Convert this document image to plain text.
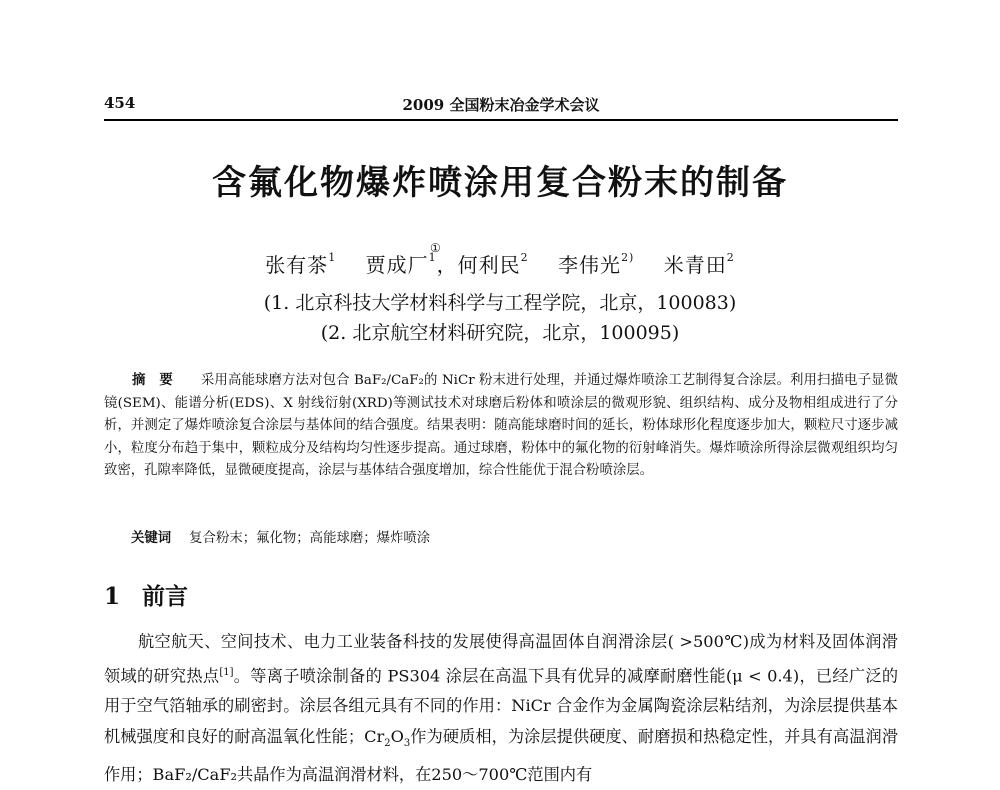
454	2009 全国粉末冶金学术会议
含氟化物爆炸喷涂用复合粉末的制备
①
张有茶$^1$ 贾成厂$^1$，何利民$^2$ 李伟光$^{2)}$ 米青田$^2$
(1. 北京科技大学材料科学与工程学院，北京，100083)
(2. 北京航空材料研究院，北京，100095)
摘要 采用高能球磨方法对包合 BaF₂/CaF₂的 NiCr 粉末进行处理，并通过爆炸喷涂工艺制得复合涂层。利用扫描电子显微镜(SEM)、能谱分析(EDS)、X 射线衍射(XRD)等测试技术对球磨后粉体和喷涂层的微观形貌、组织结构、成分及物相组成进行了分析，并测定了爆炸喷涂复合涂层与基体间的结合强度。结果表明：随高能球磨时间的延长，粉体球形化程度逐步加大，颗粒尺寸逐步减小，粒度分布趋于集中，颗粒成分及结构均匀性逐步提高。通过球磨，粉体中的氟化物的衍射峰消失。爆炸喷涂所得涂层微观组织均匀致密，孔隙率降低，显微硬度提高，涂层与基体结合强度增加，综合性能优于混合粉喷涂层。
关键词 复合粉末；氟化物；高能球磨；爆炸喷涂
1 前言
航空航天、空间技术、电力工业装备科技的发展使得高温固体自润滑涂层( >500℃)成为材料及固体润滑领域的研究热点[1]。等离子喷涂制备的 PS304 涂层在高温下具有优异的减摩耐磨性能(μ < 0.4)，已经广泛的用于空气箔轴承的刷密封。涂层各组元具有不同的作用：NiCr 合金作为金属陶瓷涂层粘结剂，为涂层提供基本机械强度和良好的耐高温氧化性能；$Cr_2O_3$作为硬质相，为涂层提供硬度、耐磨损和热稳定性，并具有高温润滑作用；BaF₂/CaF₂共晶作为高温润滑材料，在250～700℃范围内有
